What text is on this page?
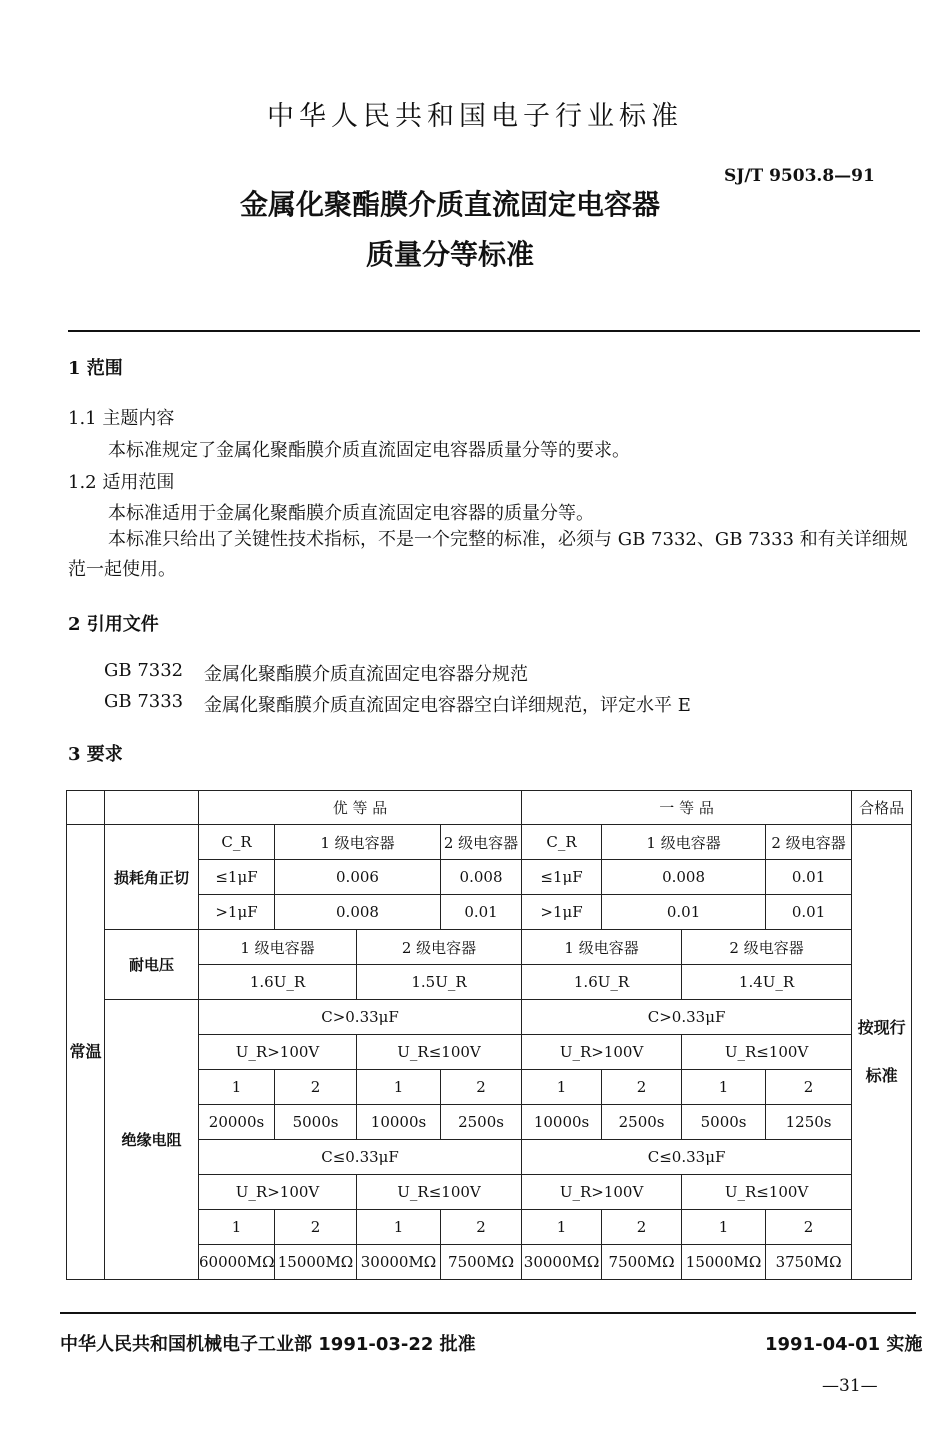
中华人民共和国电子行业标准
SJ/T 9503.8—91
金属化聚酯膜介质直流固定电容器
质量分等标准
1 范围
1.1 主题内容
本标准规定了金属化聚酯膜介质直流固定电容器质量分等的要求。
1.2 适用范围
本标准适用于金属化聚酯膜介质直流固定电容器的质量分等。
本标准只给出了关键性技术指标，不是一个完整的标准，必须与 GB 7332、GB 7333 和有关详细规范一起使用。
2 引用文件
GB 7332 金属化聚酯膜介质直流固定电容器分规范
GB 7333 金属化聚酯膜介质直流固定电容器空白详细规范，评定水平 E
3 要求
		优 等 品				一 等 品				合格品
常温	损耗角正切	C_R	1 级电容器		2 级电容器	C_R	1 级电容器		2 级电容器	按现行标准
		≤1μF	0.006		0.008	≤1μF	0.008		0.01	
		>1μF	0.008		0.01	>1μF	0.01		0.01	
	耐电压	1 级电容器		2 级电容器		1 级电容器		2 级电容器		
		1.6U_R		1.5U_R		1.6U_R		1.4U_R		
	绝缘电阻	C>0.33μF				C>0.33μF				
		U_R>100V		U_R≤100V		U_R>100V		U_R≤100V		
		1	2	1	2	1	2	1	2	
		20000s	5000s	10000s	2500s	10000s	2500s	5000s	1250s	
		C≤0.33μF				C≤0.33μF				
		U_R>100V		U_R≤100V		U_R>100V		U_R≤100V		
		1	2	1	2	1	2	1	2	
		60000MΩ	15000MΩ	30000MΩ	7500MΩ	30000MΩ	7500MΩ	15000MΩ	3750MΩ	
中华人民共和国机械电子工业部 1991-03-22 批准	1991-04-01 实施
—31—
